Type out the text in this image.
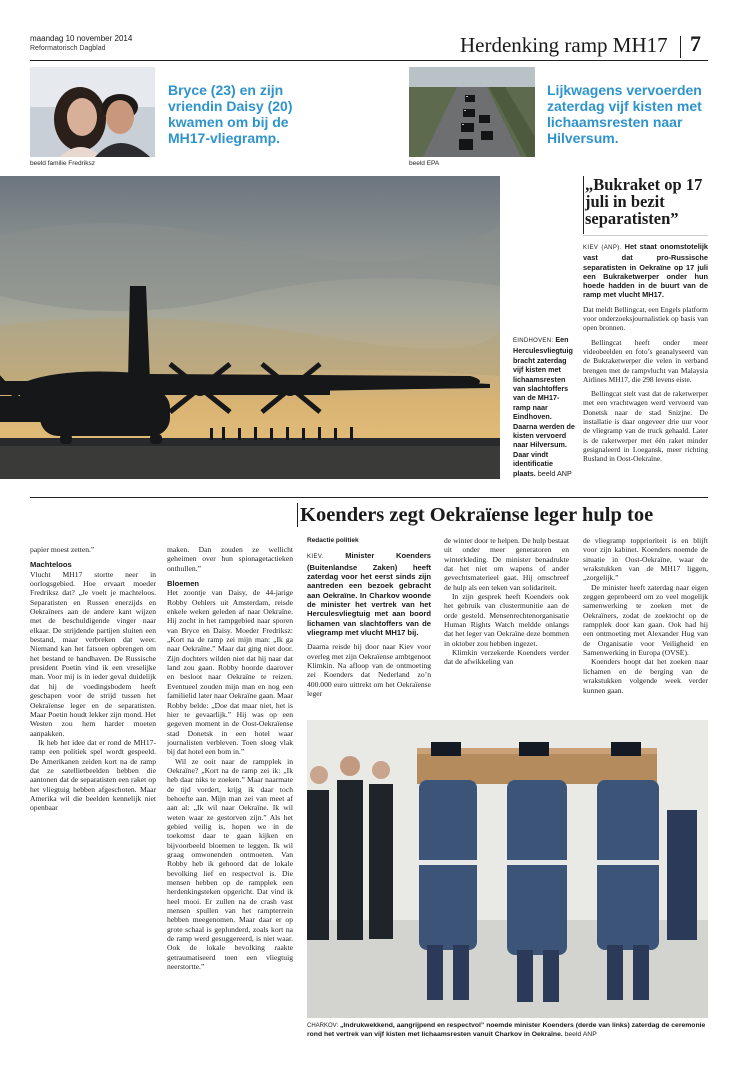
maandag 10 november 2014
Reformatorisch Dagblad	Herdenking ramp MH17 7
Bryce (23) en zijn vriendin Daisy (20) kwamen om bij de MH17-vliegramp.
beeld familie Fredriksz
Lijkwagens vervoerden zaterdag vijf kisten met lichaamsresten naar Hilversum.
beeld EPA
EINDHOVEN: Een Herculesvliegtuig bracht zaterdag vijf kisten met lichaamsresten van slachtoffers van de MH17-ramp naar Eindhoven. Daarna werden de kisten vervoerd naar Hilversum. Daar vindt identificatie plaats. beeld ANP
„Bukraket op 17 juli in bezit separatisten”

KIEV (ANP). Het staat onomstotelijk vast dat pro-Russische separatisten in Oekraïne op 17 juli een Bukraketwerper onder hun hoede hadden in de buurt van de ramp met vlucht MH17.

Dat meldt Bellingcat, een Engels platform voor onderzoeksjournalistiek op basis van open bronnen.

Bellingcat heeft onder meer videobeelden en foto’s geanalyseerd van de Bukraketwerper die velen in verband brengen met de rampvlucht van Malaysia Airlines MH17, die 298 levens eiste.

Bellingcat stelt vast dat de raketwerper met een vrachtwagen werd vervoerd van Donetsk naar de stad Snizjne. De installatie is daar ongeveer drie uur voor de vliegramp van de truck gehaald. Later is de raketwerper met één raket minder gesignaleerd in Loegansk, meer richting Rusland in Oost-Oekraïne.

Koenders zegt Oekraïense leger hulp toe

papier moest zetten.”

Machteloos

Vlucht MH17 stortte neer in oorlogsgebied. Hoe ervaart moeder Fredriksz dat? „Je voelt je machteloos. Separatisten en Russen enerzijds en Oekraïners aan de andere kant wijzen met de beschuldigende vinger naar elkaar. De strijdende partijen sluiten een bestand, maar verbreken dat weer. Niemand kan het fatsoen opbrengen om het bestand te handhaven. De Russische president Poetin vind ik een vreselijke man. Voor mij is in ieder geval duidelijk dat hij de voedingsbodem heeft geschapen voor de strijd tussen het Oekraïense leger en de separatisten. Maar Poetin houdt lekker zijn mond. Het Westen zou hem harder moeten aanpakken.

Ik heb het idee dat er rond de MH17-ramp een politiek spel wordt gespeeld. De Amerikanen zeiden kort na de ramp dat ze satellietbeelden hebben die aantonen dat de separatisten een raket op het vliegtuig hebben afgeschoten. Maar Amerika wil die beelden kennelijk niet openbaar

maken. Dan zouden ze wellicht geheimen over hun spionagetactieken onthullen.”

Bloemen

Het zoontje van Daisy, de 44-jarige Robby Oehlers uit Amsterdam, reisde enkele weken geleden af naar Oekraïne. Hij zocht in het rampgebied naar sporen van Bryce en Daisy. Moeder Fredriksz: „Kort na de ramp zei mijn man: „Ik ga naar Oekraïne.” Maar dat ging niet door. Zijn dochters wilden niet dat hij naar dat land zou gaan. Robby hoorde daarover en besloot naar Oekraïne te reizen. Eventueel zouden mijn man en nog een familielid later naar Oekraïne gaan. Maar Robby belde: „Doe dat maar niet, het is hier te gevaarlijk.” Hij was op een gegeven moment in de Oost-Oekraïense stad Donetsk in een hotel waar journalisten verbleven. Toen sloeg vlak bij dat hotel een bom in.”

Wil ze ooit naar de rampplek in Oekraïne? „Kort na de ramp zei ik: „Ik heb daar niks te zoeken.” Maar naarmate de tijd vordert, krijg ik daar toch behoefte aan. Mijn man zei van meet af aan al: „Ik wil naar Oekraïne. Ik wil weten waar ze gestorven zijn.” Als het gebied veilig is, hopen we in de toekomst daar te gaan kijken en bijvoorbeeld bloemen te leggen. Ik wil graag omwonenden ontmoeten. Van Robby heb ik gehoord dat de lokale bevolking lief en respectvol is. Die mensen hebben op de rampplek een herdenkingsteken opgericht. Dat vind ik heel mooi. Er zullen na de crash vast mensen spullen van het rampterrein hebben meegenomen. Maar daar er op grote schaal is geplunderd, zoals kort na de ramp werd gesuggereerd, is niet waar. Ook de lokale bevolking raakte getraumatiseerd toen een vliegtuig neerstortte.”

Redactie politiek

KIEV.	Minister Koenders (Buitenlandse Zaken) heeft zaterdag voor het eerst sinds zijn aantreden een bezoek gebracht aan Oekraïne. In Charkov woonde de minister het vertrek van het Herculesvliegtuig met aan boord lichamen van slachtoffers van de vliegramp met vlucht MH17 bij.

Daarna reisde hij door naar Kiev voor overleg met zijn Oekraïense ambtgenoot Klimkin. Na afloop van de ontmoeting zei Koenders dat Nederland zo’n 400.000 euro uittrekt om het Oekraïense leger

de winter door te helpen. De hulp bestaat uit onder meer generatoren en winterkleding. De minister benadrukte dat het niet om wapens of ander gevechtsmaterieel gaat. Hij omschreef de hulp als een teken van solidariteit.

In zijn gesprek heeft Koenders ook het gebruik van clustermunitie aan de orde gesteld. Mensenrechtenorganisatie Human Rights Watch meldde onlangs dat het leger van Oekraïne deze bommen in oktober zou hebben ingezet.

Klimkin verzekerde Koenders verder dat de afwikkeling van

de vliegramp topprioriteit is en blijft voor zijn kabinet. Koenders noemde de situatie in Oost-Oekraïne, waar de wrakstukken van de MH17 liggen, „zorgelijk.”

De minister heeft zaterdag naar eigen zeggen geprobeerd om zo veel mogelijk samenwerking te zoeken met de Oekraïners, zodat de zoektocht op de rampplek door kan gaan. Ook had hij een ontmoeting met Alexander Hug van de Organisatie voor Veiligheid en Samenwerking in Europa (OVSE).

Koenders hoopt dat het zoeken naar lichamen en de berging van de wrakstukken volgende week verder kunnen gaan.

CHARKOV: „Indrukwekkend, aangrijpend en respectvol” noemde minister Koenders (derde van links) zaterdag de ceremonie rond het vertrek van vijf kisten met lichaamsresten vanuit Charkov in Oekraïne. beeld ANP
